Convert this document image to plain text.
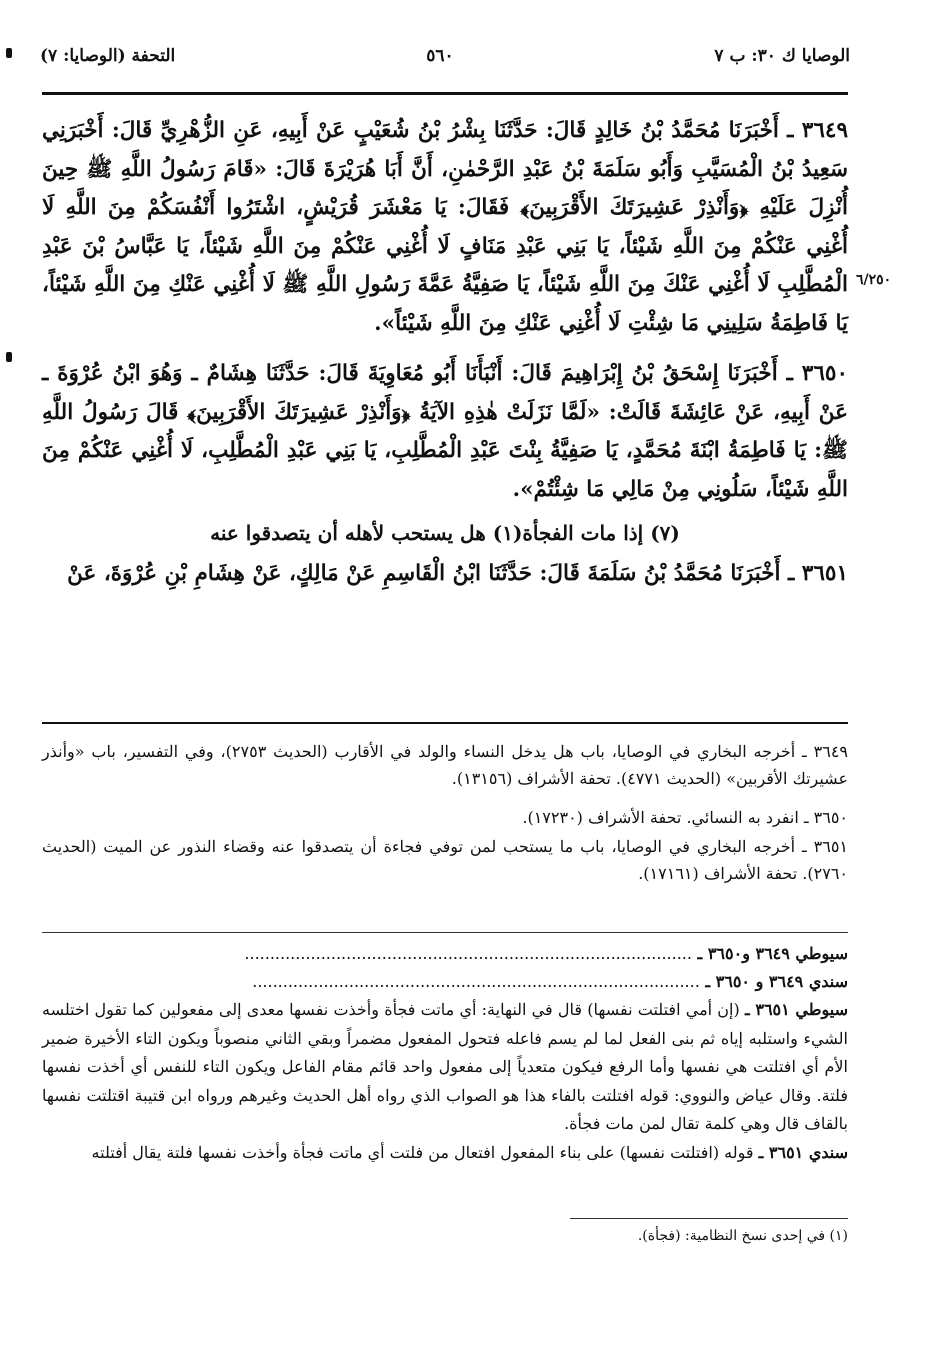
الوصايا ك ٣٠: ب ٧
٥٦٠
التحفة (الوصايا: ٧)
٦/٢٥٠

٣٦٤٩ ـ أَخْبَرَنَا مُحَمَّدُ بْنُ خَالِدٍ قَالَ: حَدَّثَنَا بِشْرُ بْنُ شُعَيْبٍ عَنْ أَبِيهِ، عَنِ الزُّهْرِيِّ قَالَ: أَخْبَرَنِي سَعِيدُ بْنُ الْمُسَيَّبِ وَأَبُو سَلَمَةَ بْنُ عَبْدِ الرَّحْمٰنِ، أَنَّ أَبَا هُرَيْرَةَ قَالَ: «قَامَ رَسُولُ اللَّهِ ﷺ حِينَ أُنْزِلَ عَلَيْهِ ﴿وَأَنْذِرْ عَشِيرَتَكَ الأَقْرَبِينَ﴾ فَقَالَ: يَا مَعْشَرَ قُرَيْشٍ، اشْتَرُوا أَنْفُسَكُمْ مِنَ اللَّهِ لَا أُغْنِي عَنْكُمْ مِنَ اللَّهِ شَيْئاً، يَا بَنِي عَبْدِ مَنَافٍ لَا أُغْنِي عَنْكُمْ مِنَ اللَّهِ شَيْئاً، يَا عَبَّاسُ بْنَ عَبْدِ الْمُطَّلِبِ لَا أُغْنِي عَنْكَ مِنَ اللَّهِ شَيْئاً، يَا صَفِيَّةُ عَمَّةَ رَسُولِ اللَّهِ ﷺ لَا أُغْنِي عَنْكِ مِنَ اللَّهِ شَيْئاً، يَا فَاطِمَةُ سَلِينِي مَا شِئْتِ لَا أُغْنِي عَنْكِ مِنَ اللَّهِ شَيْئاً».

٣٦٥٠ ـ أَخْبَرَنَا إِسْحَقُ بْنُ إِبْرَاهِيمَ قَالَ: أَنْبَأَنَا أَبُو مُعَاوِيَةَ قَالَ: حَدَّثَنَا هِشَامٌ ـ وَهُوَ ابْنُ عُرْوَةَ ـ عَنْ أَبِيهِ، عَنْ عَائِشَةَ قَالَتْ: «لَمَّا نَزَلَتْ هٰذِهِ الآيَةُ ﴿وَأَنْذِرْ عَشِيرَتَكَ الأَقْرَبِينَ﴾ قَالَ رَسُولُ اللَّهِ ﷺ: يَا فَاطِمَةُ ابْنَةَ مُحَمَّدٍ، يَا صَفِيَّةُ بِنْتَ عَبْدِ الْمُطَّلِبِ، يَا بَنِي عَبْدِ الْمُطَّلِبِ، لَا أُغْنِي عَنْكُمْ مِنَ اللَّهِ شَيْئاً، سَلُونِي مِنْ مَالِي مَا شِئْتُمْ».

(٧) إذا مات الفجأة(١) هل يستحب لأهله أن يتصدقوا عنه

٣٦٥١ ـ أَخْبَرَنَا مُحَمَّدُ بْنُ سَلَمَةَ قَالَ: حَدَّثَنَا ابْنُ الْقَاسِمِ عَنْ مَالِكٍ، عَنْ هِشَامِ بْنِ عُرْوَةَ، عَنْ

٣٦٤٩ ـ أخرجه البخاري في الوصايا، باب هل يدخل النساء والولد في الأقارب (الحديث ٢٧٥٣)، وفي التفسير، باب «وأنذر عشيرتك الأقربين» (الحديث ٤٧٧١). تحفة الأشراف (١٣١٥٦).

٣٦٥٠ ـ انفرد به النسائي. تحفة الأشراف (١٧٢٣٠).

٣٦٥١ ـ أخرجه البخاري في الوصايا، باب ما يستحب لمن توفي فجاءة أن يتصدقوا عنه وقضاء النذور عن الميت (الحديث ٢٧٦٠). تحفة الأشراف (١٧١٦١).

سيوطي ٣٦٤٩ و٣٦٥٠ ـ ........................................................................................
سندي ٣٦٤٩ و ٣٦٥٠ ـ ........................................................................................

سيوطي ٣٦٥١ ـ (إن أمي افتلتت نفسها) قال في النهاية: أي ماتت فجأة وأخذت نفسها معدى إلى مفعولين كما تقول اختلسه الشيء واستلبه إياه ثم بنى الفعل لما لم يسم فاعله فتحول المفعول مضمراً وبقي الثاني منصوباً ويكون التاء الأخيرة ضمير الأم أي افتلتت هي نفسها وأما الرفع فيكون متعدياً إلى مفعول واحد قائم مقام الفاعل ويكون التاء للنفس أي أخذت نفسها فلتة. وقال عياض والنووي: قوله افتلتت بالفاء هذا هو الصواب الذي رواه أهل الحديث وغيرهم ورواه ابن قتيبة اقتلتت نفسها بالقاف قال وهي كلمة تقال لمن مات فجأة.

سندي ٣٦٥١ ـ قوله (افتلتت نفسها) على بناء المفعول افتعال من فلتت أي ماتت فجأة وأخذت نفسها فلتة يقال أفتلته

(١) في إحدى نسخ النظامية: (فجأة).
